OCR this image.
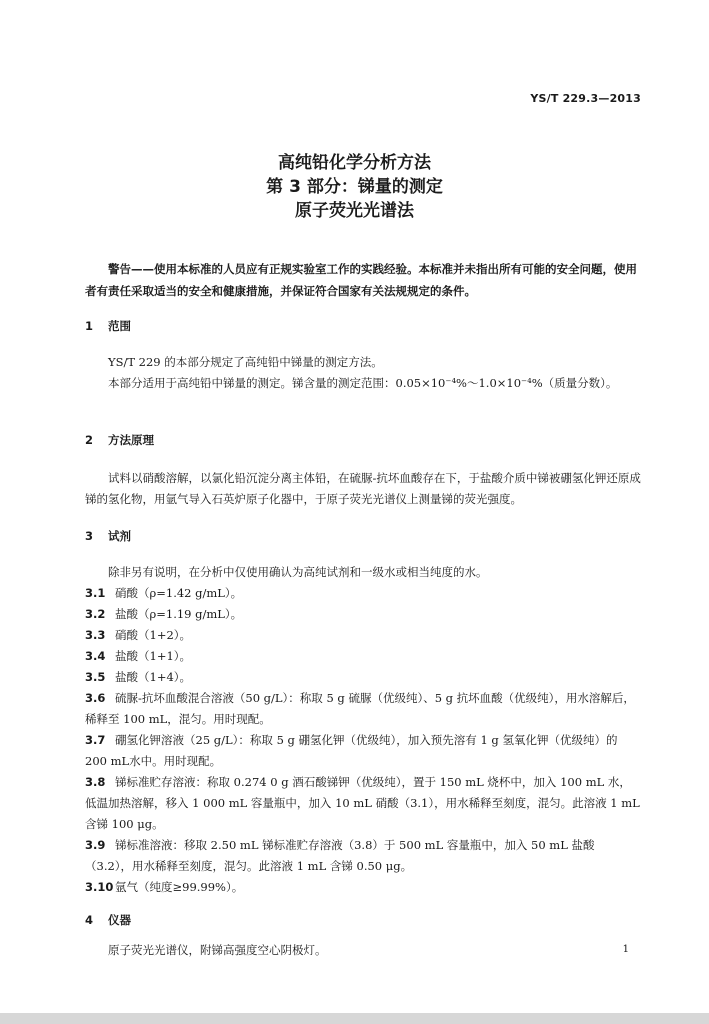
YS/T 229.3—2013
高纯铅化学分析方法
第 3 部分：锑量的测定
原子荧光光谱法
警告——使用本标准的人员应有正规实验室工作的实践经验。本标准并未指出所有可能的安全问题，使用者有责任采取适当的安全和健康措施，并保证符合国家有关法规规定的条件。
1 范围
YS/T 229 的本部分规定了高纯铅中锑量的测定方法。
本部分适用于高纯铅中锑量的测定。锑含量的测定范围：0.05×10⁻⁴%～1.0×10⁻⁴%（质量分数）。
2 方法原理
试料以硝酸溶解，以氯化铅沉淀分离主体铅，在硫脲-抗坏血酸存在下，于盐酸介质中锑被硼氢化钾还原成锑的氢化物，用氩气导入石英炉原子化器中，于原子荧光光谱仪上测量锑的荧光强度。
3 试剂
除非另有说明，在分析中仅使用确认为高纯试剂和一级水或相当纯度的水。
3.1 硝酸（ρ=1.42 g/mL）。
3.2 盐酸（ρ=1.19 g/mL）。
3.3 硝酸（1+2）。
3.4 盐酸（1+1）。
3.5 盐酸（1+4）。
3.6 硫脲-抗坏血酸混合溶液（50 g/L）：称取 5 g 硫脲（优级纯）、5 g 抗坏血酸（优级纯），用水溶解后，稀释至 100 mL，混匀。用时现配。
3.7 硼氢化钾溶液（25 g/L）：称取 5 g 硼氢化钾（优级纯），加入预先溶有 1 g 氢氧化钾（优级纯）的 200 mL水中。用时现配。
3.8 锑标准贮存溶液：称取 0.274 0 g 酒石酸锑钾（优级纯），置于 150 mL 烧杯中，加入 100 mL 水，低温加热溶解，移入 1 000 mL 容量瓶中，加入 10 mL 硝酸（3.1），用水稀释至刻度，混匀。此溶液 1 mL 含锑 100 μg。
3.9 锑标准溶液：移取 2.50 mL 锑标准贮存溶液（3.8）于 500 mL 容量瓶中，加入 50 mL 盐酸（3.2），用水稀释至刻度，混匀。此溶液 1 mL 含锑 0.50 μg。
3.10 氩气（纯度≥99.99%）。
4 仪器
原子荧光光谱仪，附锑高强度空心阴极灯。	1
